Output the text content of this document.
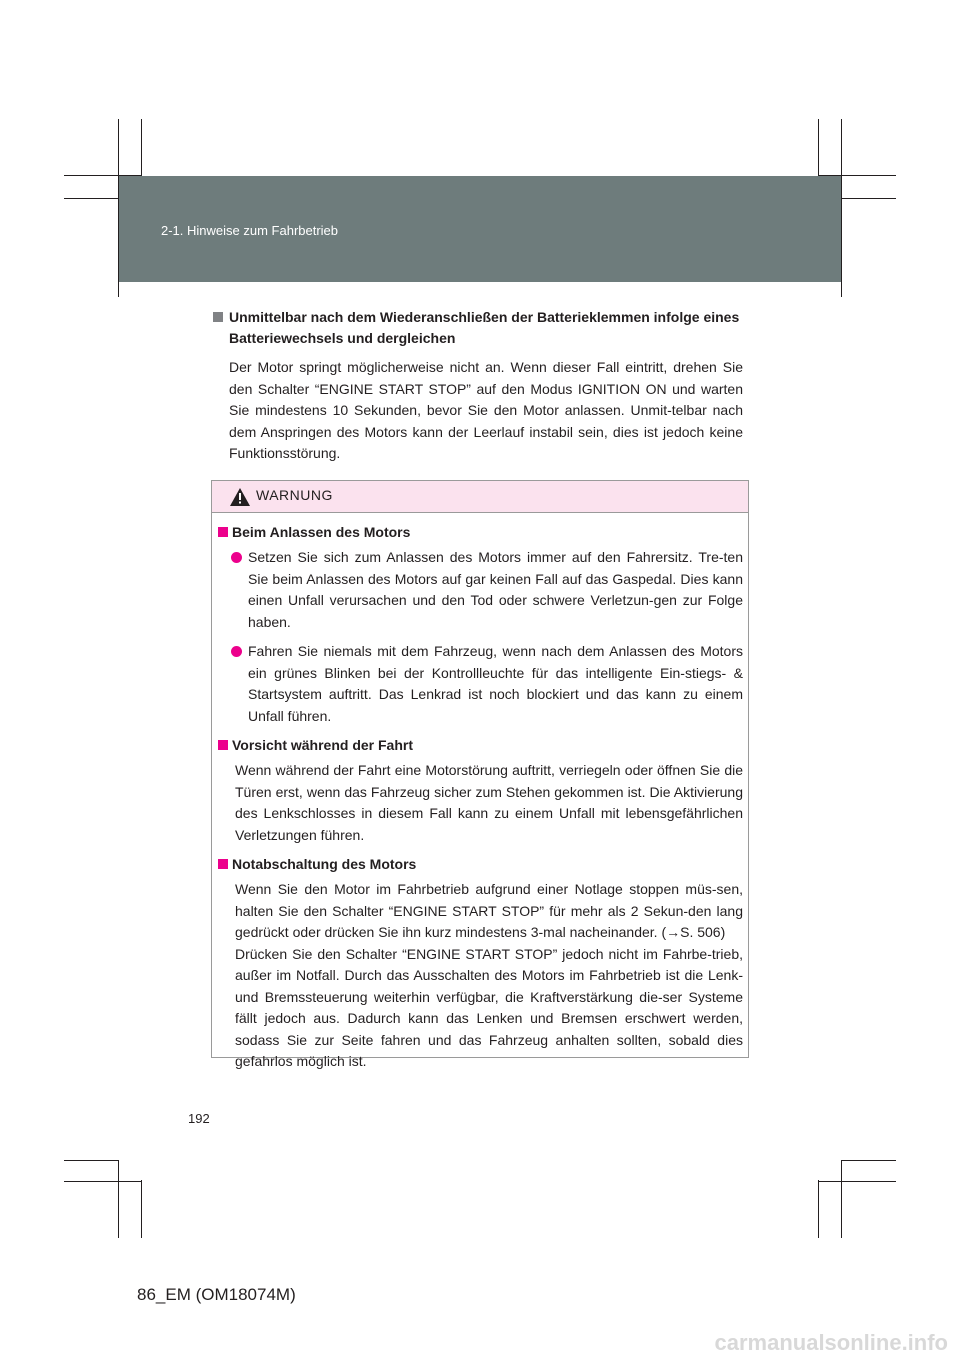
2-1. Hinweise zum Fahrbetrieb
Unmittelbar nach dem Wiederanschließen der Batterieklemmen infolge eines Batteriewechsels und dergleichen
Der Motor springt möglicherweise nicht an. Wenn dieser Fall eintritt, drehen Sie den Schalter “ENGINE START STOP” auf den Modus IGNITION ON und warten Sie mindestens 10 Sekunden, bevor Sie den Motor anlassen. Unmit-telbar nach dem Anspringen des Motors kann der Leerlauf instabil sein, dies ist jedoch keine Funktionsstörung.
WARNUNG
Beim Anlassen des Motors
Setzen Sie sich zum Anlassen des Motors immer auf den Fahrersitz. Tre-ten Sie beim Anlassen des Motors auf gar keinen Fall auf das Gaspedal. Dies kann einen Unfall verursachen und den Tod oder schwere Verletzun-gen zur Folge haben.
Fahren Sie niemals mit dem Fahrzeug, wenn nach dem Anlassen des Motors ein grünes Blinken bei der Kontrollleuchte für das intelligente Ein-stiegs- & Startsystem auftritt. Das Lenkrad ist noch blockiert und das kann zu einem Unfall führen.
Vorsicht während der Fahrt
Wenn während der Fahrt eine Motorstörung auftritt, verriegeln oder öffnen Sie die Türen erst, wenn das Fahrzeug sicher zum Stehen gekommen ist. Die Aktivierung des Lenkschlosses in diesem Fall kann zu einem Unfall mit lebensgefährlichen Verletzungen führen.
Notabschaltung des Motors
Wenn Sie den Motor im Fahrbetrieb aufgrund einer Notlage stoppen müs-sen, halten Sie den Schalter “ENGINE START STOP” für mehr als 2 Sekun-den lang gedrückt oder drücken Sie ihn kurz mindestens 3-mal nacheinander. (→S. 506)
Drücken Sie den Schalter “ENGINE START STOP” jedoch nicht im Fahrbe-trieb, außer im Notfall. Durch das Ausschalten des Motors im Fahrbetrieb ist die Lenk- und Bremssteuerung weiterhin verfügbar, die Kraftverstärkung die-ser Systeme fällt jedoch aus. Dadurch kann das Lenken und Bremsen erschwert werden, sodass Sie zur Seite fahren und das Fahrzeug anhalten sollten, sobald dies gefahrlos möglich ist.
192
86_EM (OM18074M)
carmanualsonline.info
